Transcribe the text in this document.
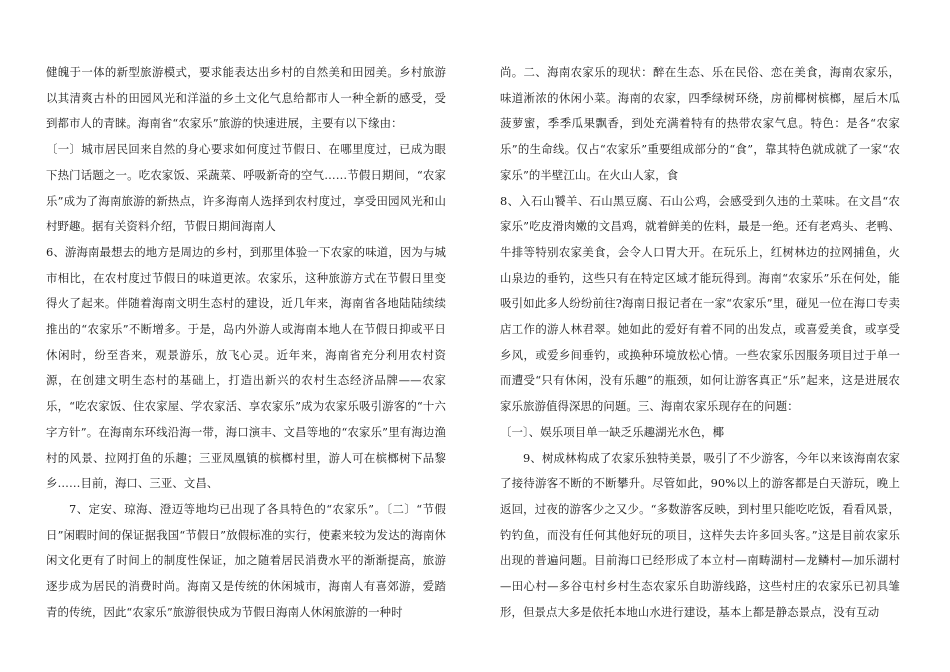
健魄于一体的新型旅游模式，要求能表达出乡村的自然美和田园美。乡村旅游以其清爽古朴的田园风光和洋溢的乡土文化气息给都市人一种全新的感受，受到都市人的青睐。海南省“农家乐”旅游的快速进展，主要有以下缘由：

〔一〕城市居民回来自然的身心要求如何度过节假日、在哪里度过，已成为眼下热门话题之一。吃农家饭、采蔬菜、呼吸新奇的空气……节假日期间，“农家乐”成为了海南旅游的新热点，许多海南人选择到农村度过，享受田园风光和山村野趣。据有关资料介绍，节假日期间海南人

6、游海南最想去的地方是周边的乡村，到那里体验一下农家的味道，因为与城市相比，在农村度过节假日的味道更浓。农家乐，这种旅游方式在节假日里变得火了起来。伴随着海南文明生态村的建设，近几年来，海南省各地陆陆续续推出的“农家乐”不断增多。于是，岛内外游人或海南本地人在节假日抑或平日休闲时，纷至沓来，观景游乐，放飞心灵。近年来，海南省充分利用农村资源，在创建文明生态村的基础上，打造出新兴的农村生态经济品牌——农家乐，“吃农家饭、住农家屋、学农家活、享农家乐”成为农家乐吸引游客的“十六字方针”。在海南东环线沿海一带，海口演丰、文昌等地的“农家乐”里有海边渔村的风景、拉网打鱼的乐趣；三亚凤凰镇的槟榔村里，游人可在槟榔树下品黎乡……目前，海口、三亚、文昌、

7、定安、琼海、澄迈等地均已出现了各具特色的“农家乐”。〔二〕“节假日”闲暇时间的保证据我国“节假日”放假标准的实行，使素来较为发达的海南休闲文化更有了时间上的制度性保证，加之随着居民消费水平的渐渐提高，旅游逐步成为居民的消费时尚。海南又是传统的休闲城市，海南人有喜郊游，爱踏青的传统，因此“农家乐”旅游很快成为节假日海南人休闲旅游的一种时

尚。二、海南农家乐的现状：醉在生态、乐在民俗、恋在美食，海南农家乐，味道淅浓的休闲小菜。海南的农家，四季绿树环绕，房前椰树槟榔，屋后木瓜菠萝蜜，季季瓜果飘香，到处充满着特有的热带农家气息。特色：是各“农家乐”的生命线。仅占“农家乐”重要组成部分的“食”，靠其特色就成就了一家“农家乐”的半壁江山。在火山人家，食

8、入石山饕羊、石山黑豆腐、石山公鸡，会感受到久违的土菜味。在文昌“农家乐”吃皮滑肉嫩的文昌鸡，就着鲜美的佐料，最是一绝。还有老鸡头、老鸭、牛排等特别农家美食，会令人口胃大开。在玩乐上，红树林边的拉网捕鱼，火山泉边的垂钓，这些只有在特定区域才能玩得到。海南“农家乐”乐在何处，能吸引如此多人纷纷前往?海南日报记者在一家“农家乐”里，碰见一位在海口专卖店工作的游人林君翠。她如此的爱好有着不同的出发点，或喜爱美食，或享受乡风，或爱乡间垂钓，或换种环境放松心情。一些农家乐因服务项目过于单一而遭受“只有休闲，没有乐趣”的瓶颈，如何让游客真正“乐”起来，这是进展农家乐旅游值得深思的问题。三、海南农家乐现存在的问题：

〔一〕、娱乐项目单一缺乏乐趣湖光水色，椰

9、树成林构成了农家乐独特美景，吸引了不少游客，今年以来该海南农家了接待游客不断的不断攀升。尽管如此，90%以上的游客都是白天游玩，晚上返回，过夜的游客少之又少。“多数游客反映，到村里只能吃吃饭，看看风景，钓钓鱼，而没有任何其他好玩的项目，这样失去许多回头客。”这是目前农家乐出现的普遍问题。目前海口已经形成了本立村—南畴湖村—龙鳞村—加乐湖村—田心村—多谷屯村乡村生态农家乐自助游线路，这些村庄的农家乐已初具雏形，但景点大多是依托本地山水进行建设，基本上都是静态景点，没有互动
